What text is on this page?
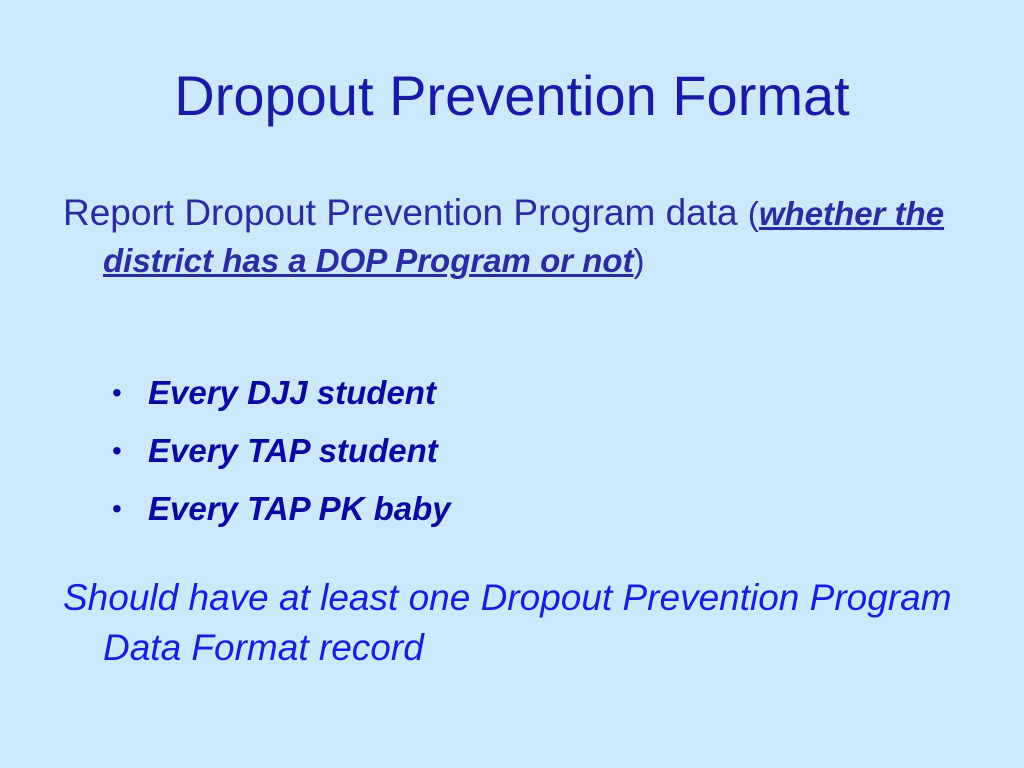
Dropout Prevention Format

Report Dropout Prevention Program data (whether the district has a DOP Program or not)

• Every DJJ student
• Every TAP student
• Every TAP PK baby

Should have at least one Dropout Prevention Program Data Format record
